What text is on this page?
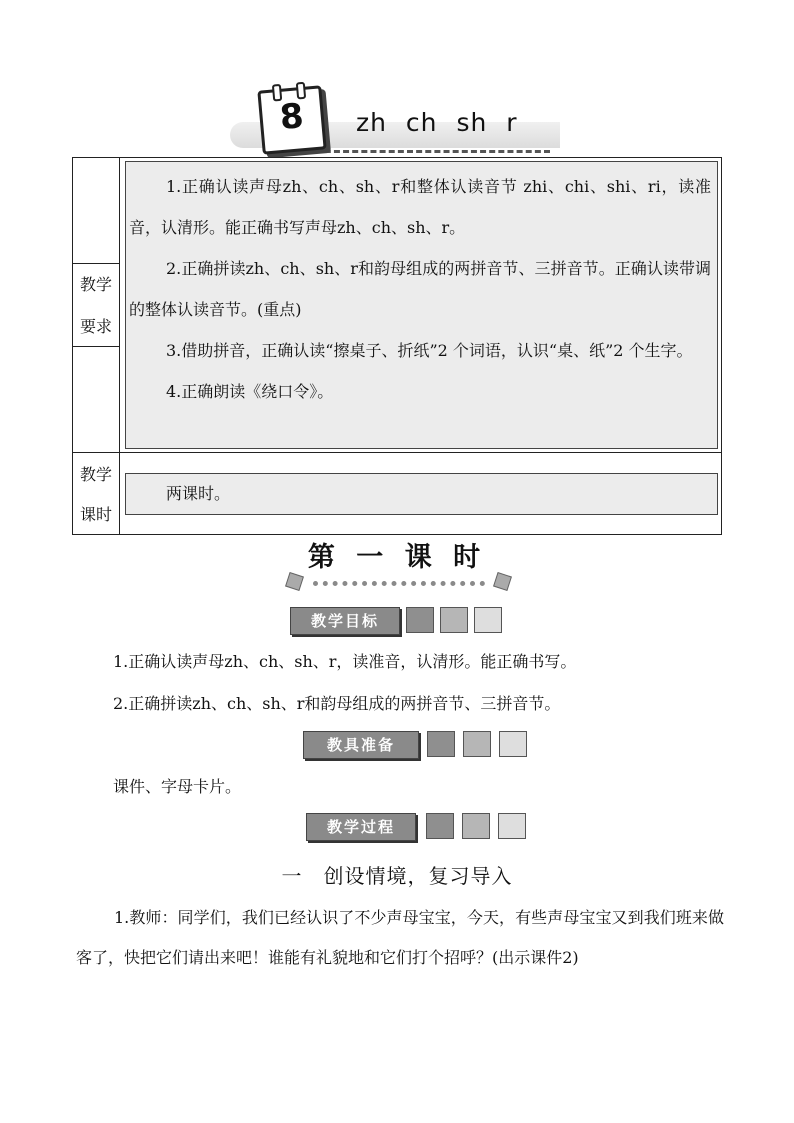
8	zh ch sh r
教学
要求
教学
课时

1.正确认读声母zh、ch、sh、r和整体认读音节 zhi、chi、shi、ri，读准音，认清形。能正确书写声母zh、ch、sh、r。

2.正确拼读zh、ch、sh、r和韵母组成的两拼音节、三拼音节。正确认读带调的整体认读音节。(重点)

3.借助拼音，正确认读“擦桌子、折纸”2 个词语，认识“桌、纸”2 个生字。

4.正确朗读《绕口令》。

两课时。
第 一 课 时
教学目标
1.正确认读声母zh、ch、sh、r，读准音，认清形。能正确书写。
2.正确拼读zh、ch、sh、r和韵母组成的两拼音节、三拼音节。
教具准备
课件、字母卡片。
教学过程
一　创设情境，复习导入

1.教师：同学们，我们已经认识了不少声母宝宝，今天，有些声母宝宝又到我们班来做客了，快把它们请出来吧！谁能有礼貌地和它们打个招呼？(出示课件2)
